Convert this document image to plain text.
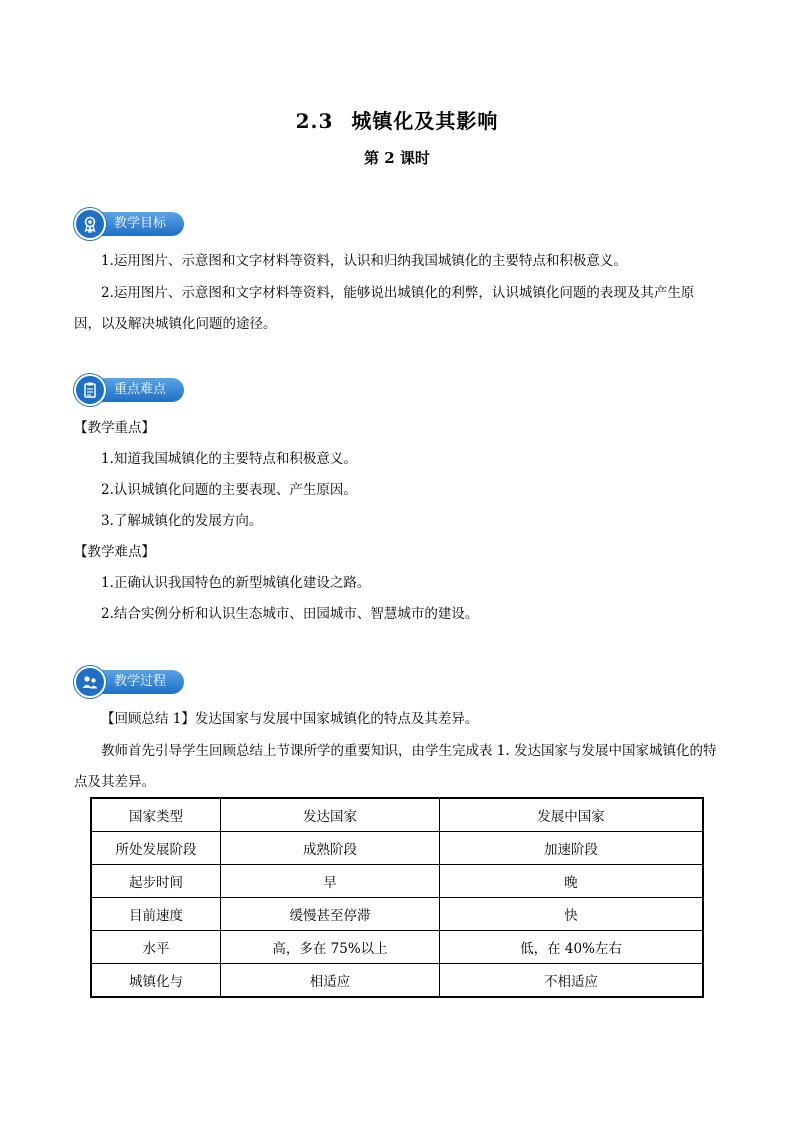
2.3 城镇化及其影响
第 2 课时
教学目标

1.运用图片、示意图和文字材料等资料，认识和归纳我国城镇化的主要特点和积极意义。

2.运用图片、示意图和文字材料等资料，能够说出城镇化的利弊，认识城镇化问题的表现及其产生原因，以及解决城镇化问题的途径。

重点难点

【教学重点】

1.知道我国城镇化的主要特点和积极意义。

2.认识城镇化问题的主要表现、产生原因。

3.了解城镇化的发展方向。

【教学难点】

1.正确认识我国特色的新型城镇化建设之路。

2.结合实例分析和认识生态城市、田园城市、智慧城市的建设。

教学过程

【回顾总结 1】发达国家与发展中国家城镇化的特点及其差异。

教师首先引导学生回顾总结上节课所学的重要知识，由学生完成表 1. 发达国家与发展中国家城镇化的特点及其差异。

国家类型	发达国家	发展中国家
所处发展阶段	成熟阶段	加速阶段
起步时间	早	晚
目前速度	缓慢甚至停滞	快
水平	高，多在 75%以上	低，在 40%左右
城镇化与	相适应	不相适应
